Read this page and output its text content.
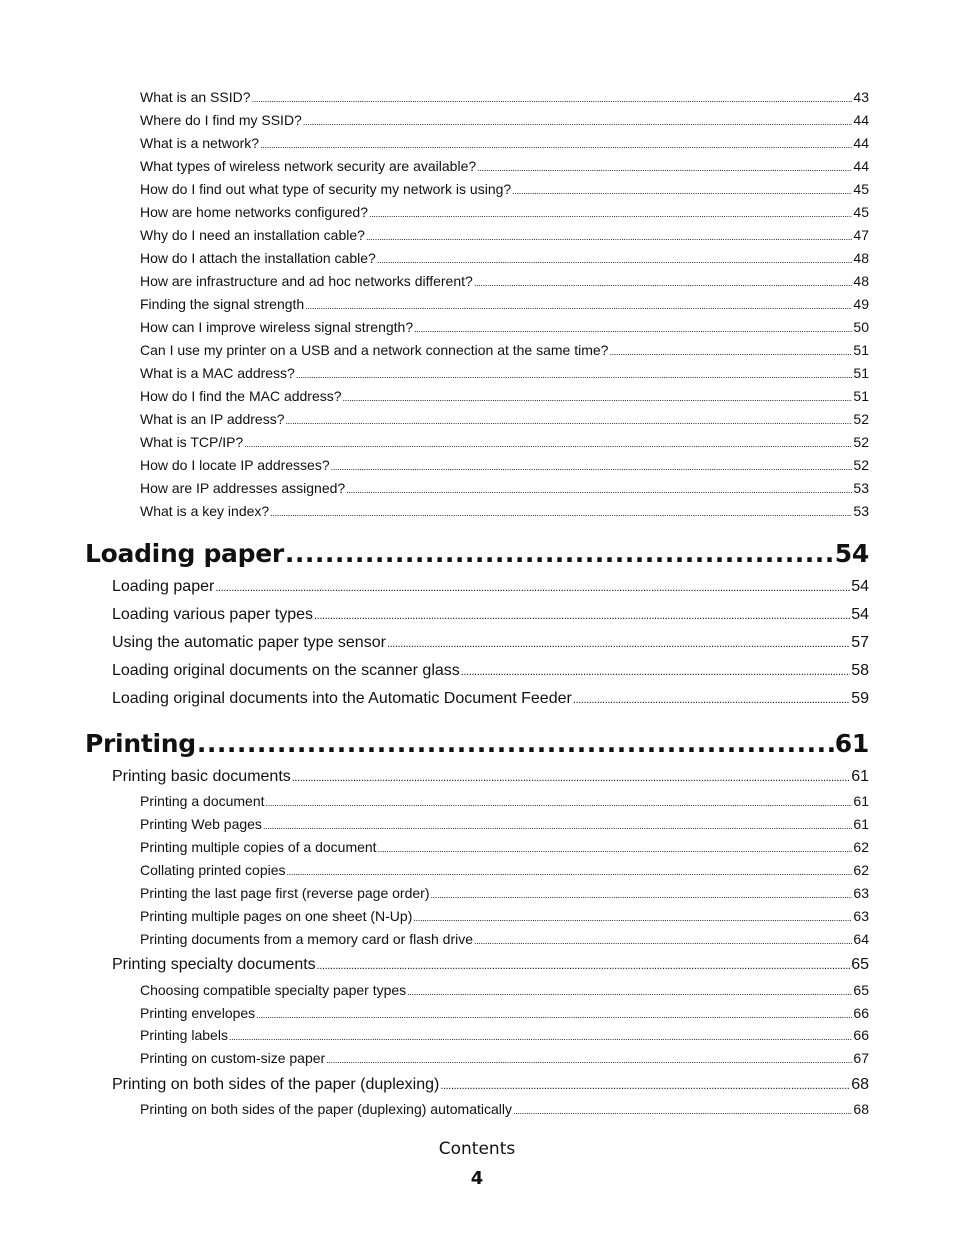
What is an SSID? .....	43
Where do I find my SSID? .....	44
What is a network? .....	44
What types of wireless network security are available? .....	44
How do I find out what type of security my network is using? .....	45
How are home networks configured? .....	45
Why do I need an installation cable? .....	47
How do I attach the installation cable? .....	48
How are infrastructure and ad hoc networks different? .....	48
Finding the signal strength .....	49
How can I improve wireless signal strength? .....	50
Can I use my printer on a USB and a network connection at the same time? .....	51
What is a MAC address? .....	51
How do I find the MAC address? .....	51
What is an IP address? .....	52
What is TCP/IP? .....	52
How do I locate IP addresses? .....	52
How are IP addresses assigned? .....	53
What is a key index? .....	53
Loading paper .....	54
Loading paper .....	54
Loading various paper types .....	54
Using the automatic paper type sensor .....	57
Loading original documents on the scanner glass .....	58
Loading original documents into the Automatic Document Feeder .....	59
Printing .....	61
Printing basic documents .....	61
Printing a document .....	61
Printing Web pages .....	61
Printing multiple copies of a document .....	62
Collating printed copies .....	62
Printing the last page first (reverse page order) .....	63
Printing multiple pages on one sheet (N-Up) .....	63
Printing documents from a memory card or flash drive .....	64
Printing specialty documents .....	65
Choosing compatible specialty paper types .....	65
Printing envelopes .....	66
Printing labels .....	66
Printing on custom-size paper .....	67
Printing on both sides of the paper (duplexing) .....	68
Printing on both sides of the paper (duplexing) automatically .....	68
Contents
4
